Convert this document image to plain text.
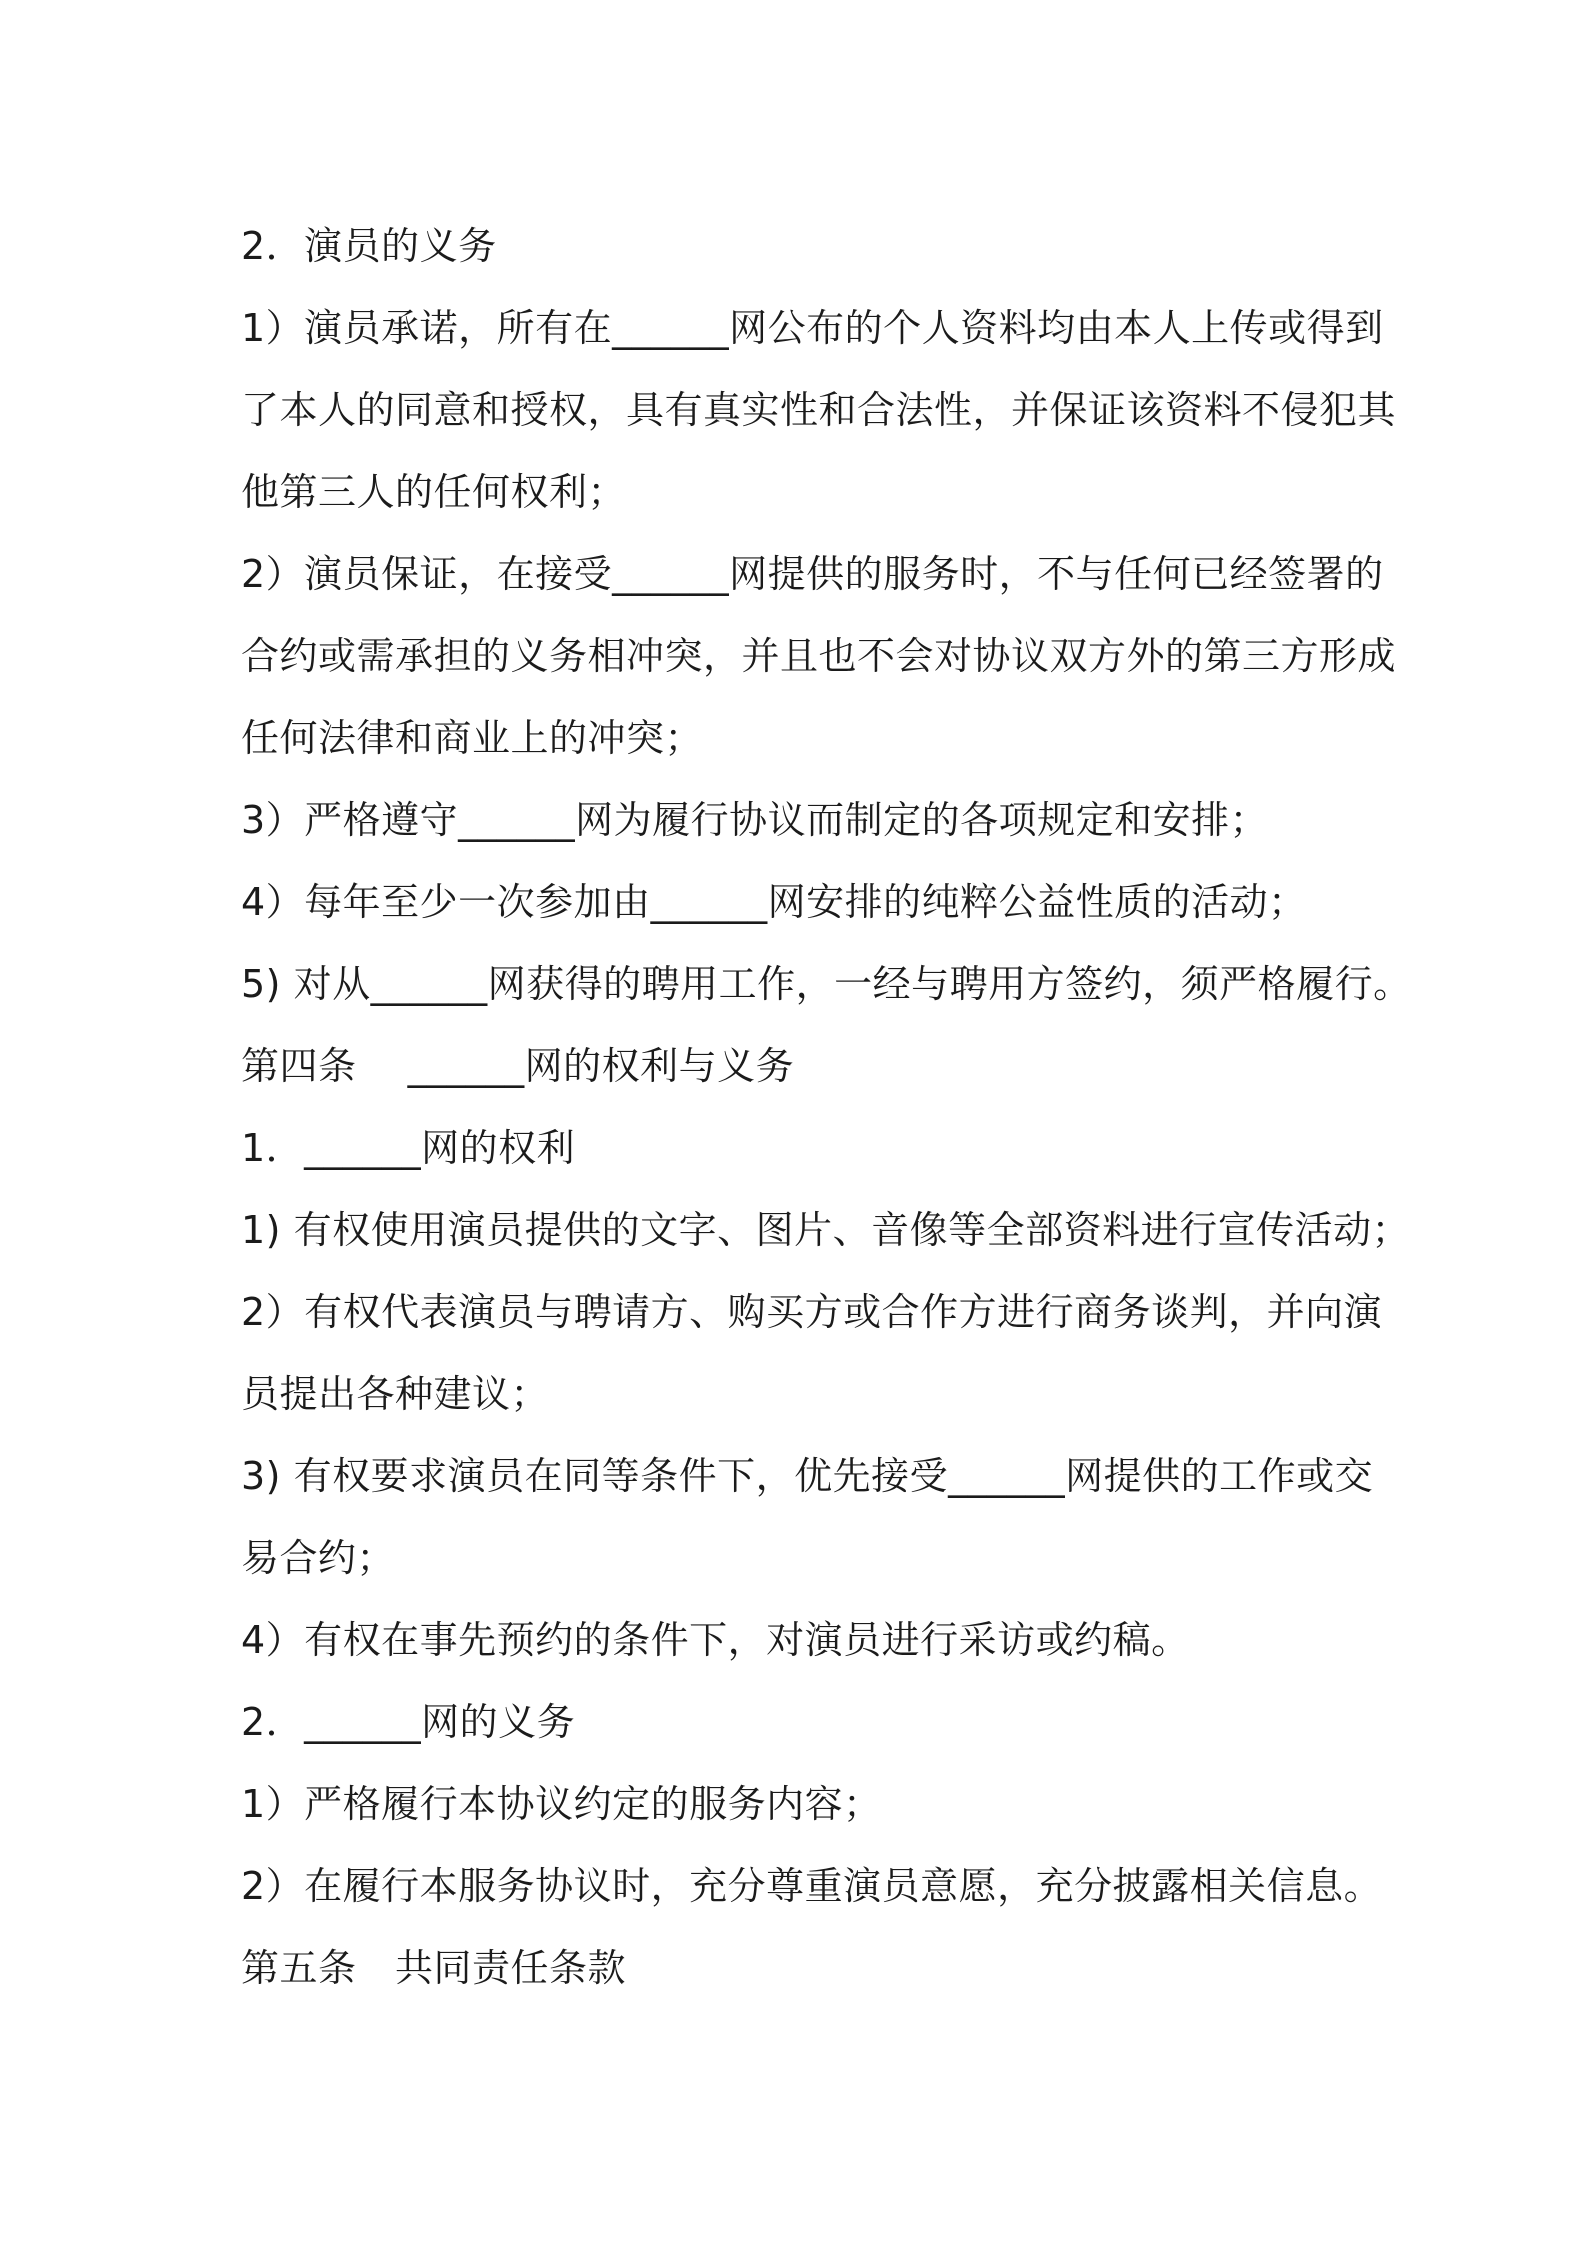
2．演员的义务
1）演员承诺，所有在______网公布的个人资料均由本人上传或得到
了本人的同意和授权，具有真实性和合法性，并保证该资料不侵犯其
他第三人的任何权利；
2）演员保证，在接受______网提供的服务时，不与任何已经签署的
合约或需承担的义务相冲突，并且也不会对协议双方外的第三方形成
任何法律和商业上的冲突；
3）严格遵守______网为履行协议而制定的各项规定和安排；
4）每年至少一次参加由______网安排的纯粹公益性质的活动；
5) 对从______网获得的聘用工作，一经与聘用方签约，须严格履行。
第四条　 ______网的权利与义务
1．______网的权利
1) 有权使用演员提供的文字、图片、音像等全部资料进行宣传活动；
2）有权代表演员与聘请方、购买方或合作方进行商务谈判，并向演
员提出各种建议；
3) 有权要求演员在同等条件下，优先接受______网提供的工作或交
易合约；
4）有权在事先预约的条件下，对演员进行采访或约稿。
2．______网的义务
1）严格履行本协议约定的服务内容；
2）在履行本服务协议时，充分尊重演员意愿，充分披露相关信息。
第五条　共同责任条款
